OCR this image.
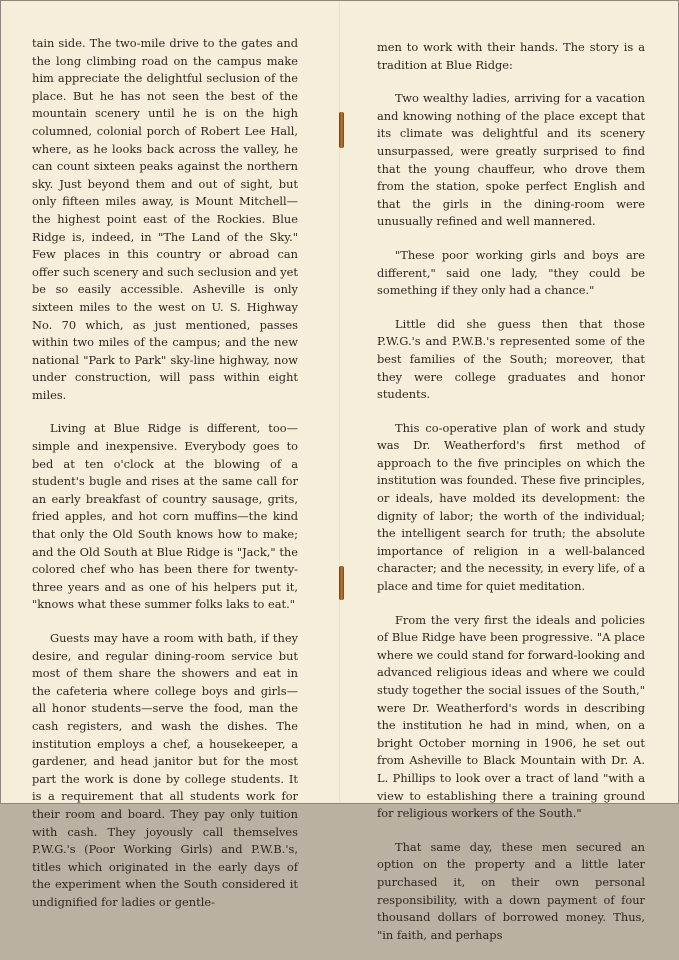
tain side. The two-mile drive to the gates and the long climbing road on the campus make him appreciate the delightful seclusion of the place. But he has not seen the best of the mountain scenery until he is on the high columned, colonial porch of Robert Lee Hall, where, as he looks back across the valley, he can count sixteen peaks against the northern sky. Just beyond them and out of sight, but only fifteen miles away, is Mount Mitchell—the highest point east of the Rockies. Blue Ridge is, indeed, in "The Land of the Sky." Few places in this country or abroad can offer such scenery and such seclusion and yet be so easily accessible. Asheville is only sixteen miles to the west on U. S. Highway No. 70 which, as just mentioned, passes within two miles of the campus; and the new national "Park to Park" sky-line highway, now under construction, will pass within eight miles.

Living at Blue Ridge is different, too—simple and inexpensive. Everybody goes to bed at ten o'clock at the blowing of a student's bugle and rises at the same call for an early breakfast of country sausage, grits, fried apples, and hot corn muffins—the kind that only the Old South knows how to make; and the Old South at Blue Ridge is "Jack," the colored chef who has been there for twenty-three years and as one of his helpers put it, "knows what these summer folks laks to eat."

Guests may have a room with bath, if they desire, and regular dining-room service but most of them share the showers and eat in the cafeteria where college boys and girls—all honor students—serve the food, man the cash registers, and wash the dishes. The institution employs a chef, a housekeeper, a gardener, and head janitor but for the most part the work is done by college students. It is a requirement that all students work for their room and board. They pay only tuition with cash. They joyously call themselves P.W.G.'s (Poor Working Girls) and P.W.B.'s, titles which originated in the early days of the experiment when the South considered it undignified for ladies or gentle-

men to work with their hands. The story is a tradition at Blue Ridge:

Two wealthy ladies, arriving for a vacation and knowing nothing of the place except that its climate was delightful and its scenery unsurpassed, were greatly surprised to find that the young chauffeur, who drove them from the station, spoke perfect English and that the girls in the dining-room were unusually refined and well mannered.

"These poor working girls and boys are different," said one lady, "they could be something if they only had a chance."

Little did she guess then that those P.W.G.'s and P.W.B.'s represented some of the best families of the South; moreover, that they were college graduates and honor students.

This co-operative plan of work and study was Dr. Weatherford's first method of approach to the five principles on which the institution was founded. These five principles, or ideals, have molded its development: the dignity of labor; the worth of the individual; the intelligent search for truth; the absolute importance of religion in a well-balanced character; and the necessity, in every life, of a place and time for quiet meditation.

From the very first the ideals and policies of Blue Ridge have been progressive. "A place where we could stand for forward-looking and advanced religious ideas and where we could study together the social issues of the South," were Dr. Weatherford's words in describing the institution he had in mind, when, on a bright October morning in 1906, he set out from Asheville to Black Mountain with Dr. A. L. Phillips to look over a tract of land "with a view to establishing there a training ground for religious workers of the South."

That same day, these men secured an option on the property and a little later purchased it, on their own personal responsibility, with a down payment of four thousand dollars of borrowed money. Thus, "in faith, and perhaps
